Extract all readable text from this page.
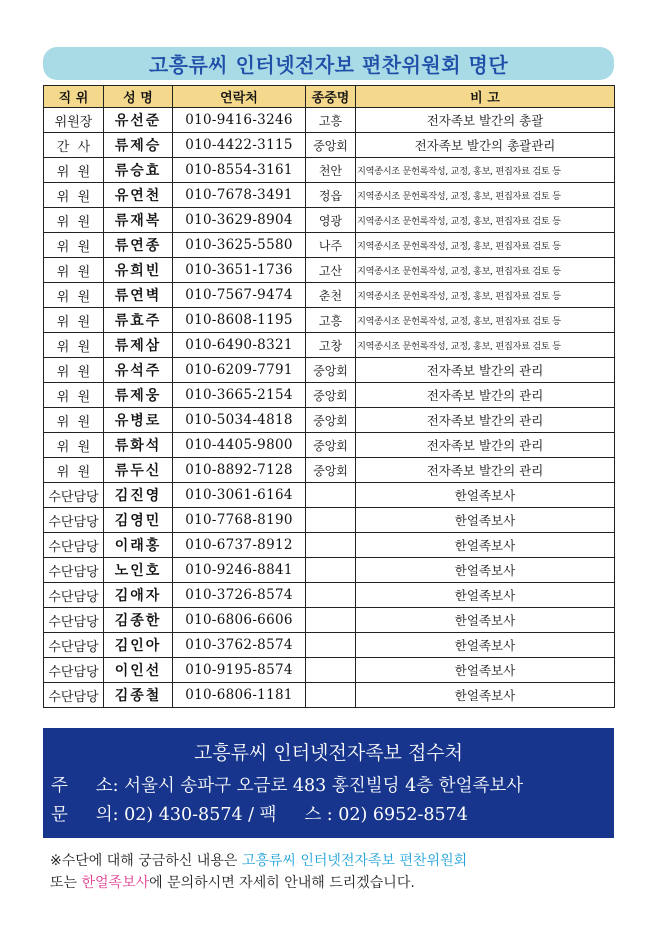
고흥류씨 인터넷전자보 편찬위원회 명단
직 위	성 명	연락처	종중명	비 고
위원장	유선준	010-9416-3246	고흥	전자족보 발간의 총괄
간  사	류제승	010-4422-3115	중앙회	전자족보 발간의 총괄관리
위  원	류승효	010-8554-3161	천안	지역종시조 문헌록작성, 교정, 홍보, 편집자료 검토 등
위  원	유연천	010-7678-3491	정읍	지역종시조 문헌록작성, 교정, 홍보, 편집자료 검토 등
위  원	류재복	010-3629-8904	영광	지역종시조 문헌록작성, 교정, 홍보, 편집자료 검토 등
위  원	류연종	010-3625-5580	나주	지역종시조 문헌록작성, 교정, 홍보, 편집자료 검토 등
위  원	유희빈	010-3651-1736	고산	지역종시조 문헌록작성, 교정, 홍보, 편집자료 검토 등
위  원	류연벽	010-7567-9474	춘천	지역종시조 문헌록작성, 교정, 홍보, 편집자료 검토 등
위  원	류효주	010-8608-1195	고흥	지역종시조 문헌록작성, 교정, 홍보, 편집자료 검토 등
위  원	류제삼	010-6490-8321	고창	지역종시조 문헌록작성, 교정, 홍보, 편집자료 검토 등
위  원	유석주	010-6209-7791	중앙회	전자족보 발간의 관리
위  원	류제웅	010-3665-2154	중앙회	전자족보 발간의 관리
위  원	유병로	010-5034-4818	중앙회	전자족보 발간의 관리
위  원	류화석	010-4405-9800	중앙회	전자족보 발간의 관리
위  원	류두신	010-8892-7128	중앙회	전자족보 발간의 관리
수단담당	김진영	010-3061-6164		한얼족보사
수단담당	김영민	010-7768-8190		한얼족보사
수단담당	이래홍	010-6737-8912		한얼족보사
수단담당	노인호	010-9246-8841		한얼족보사
수단담당	김애자	010-3726-8574		한얼족보사
수단담당	김종한	010-6806-6606		한얼족보사
수단담당	김인아	010-3762-8574		한얼족보사
수단담당	이인선	010-9195-8574		한얼족보사
수단담당	김종철	010-6806-1181		한얼족보사
고흥류씨 인터넷전자족보 접수처
주     소: 서울시 송파구 오금로 483 홍진빌딩 4층 한얼족보사
문     의: 02) 430-8574 / 팩     스 : 02) 6952-8574
※수단에 대해 궁금하신 내용은 고흥류씨 인터넷전자족보 편찬위원회
또는 한얼족보사에 문의하시면 자세히 안내해 드리겠습니다.
